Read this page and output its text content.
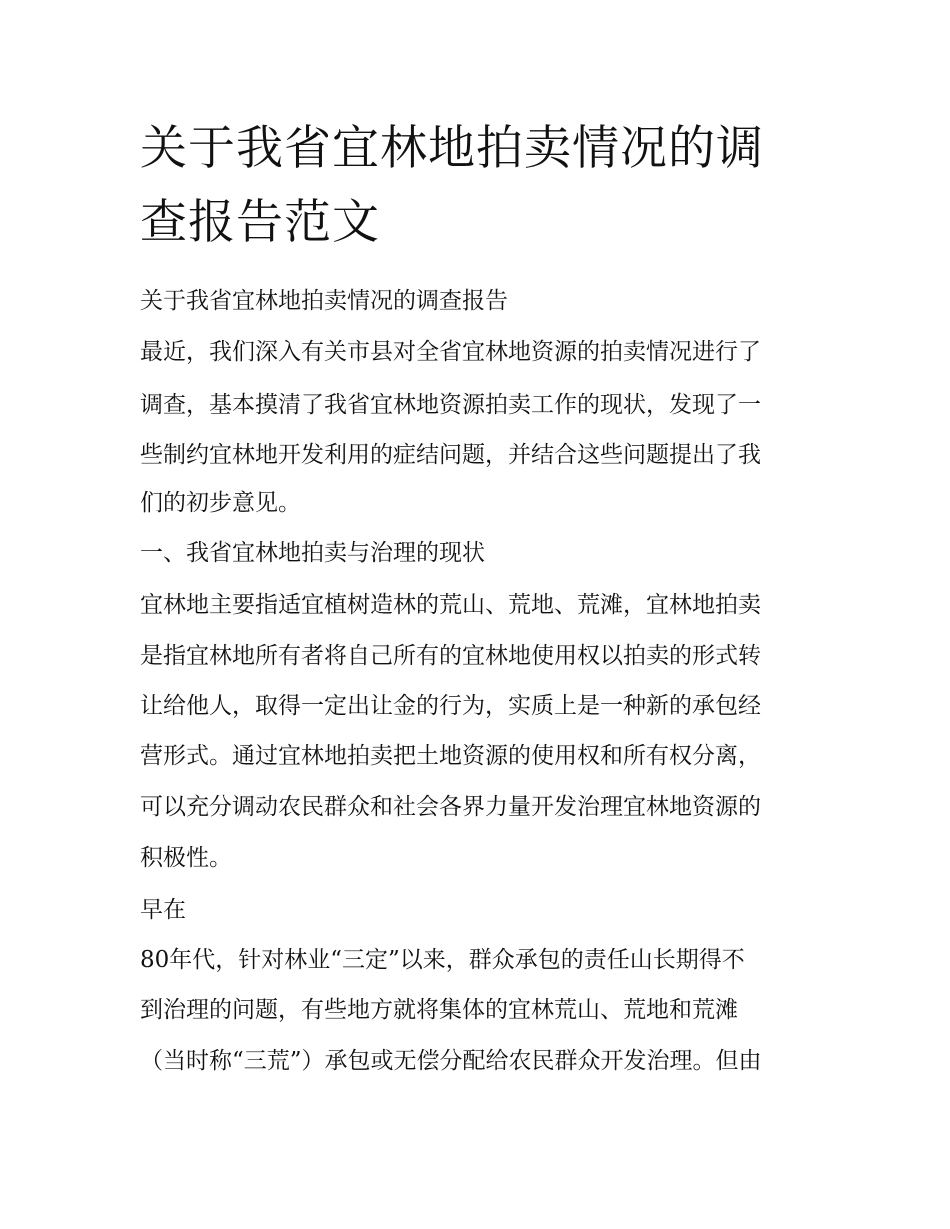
关于我省宜林地拍卖情况的调
查报告范文

关于我省宜林地拍卖情况的调查报告

最近，我们深入有关市县对全省宜林地资源的拍卖情况进行了

调查，基本摸清了我省宜林地资源拍卖工作的现状，发现了一

些制约宜林地开发利用的症结问题，并结合这些问题提出了我

们的初步意见。

一、我省宜林地拍卖与治理的现状

宜林地主要指适宜植树造林的荒山、荒地、荒滩，宜林地拍卖

是指宜林地所有者将自己所有的宜林地使用权以拍卖的形式转

让给他人，取得一定出让金的行为，实质上是一种新的承包经

营形式。通过宜林地拍卖把土地资源的使用权和所有权分离，

可以充分调动农民群众和社会各界力量开发治理宜林地资源的

积极性。

早在

80年代，针对林业“三定”以来，群众承包的责任山长期得不

到治理的问题，有些地方就将集体的宜林荒山、荒地和荒滩

（当时称“三荒”）承包或无偿分配给农民群众开发治理。但由
